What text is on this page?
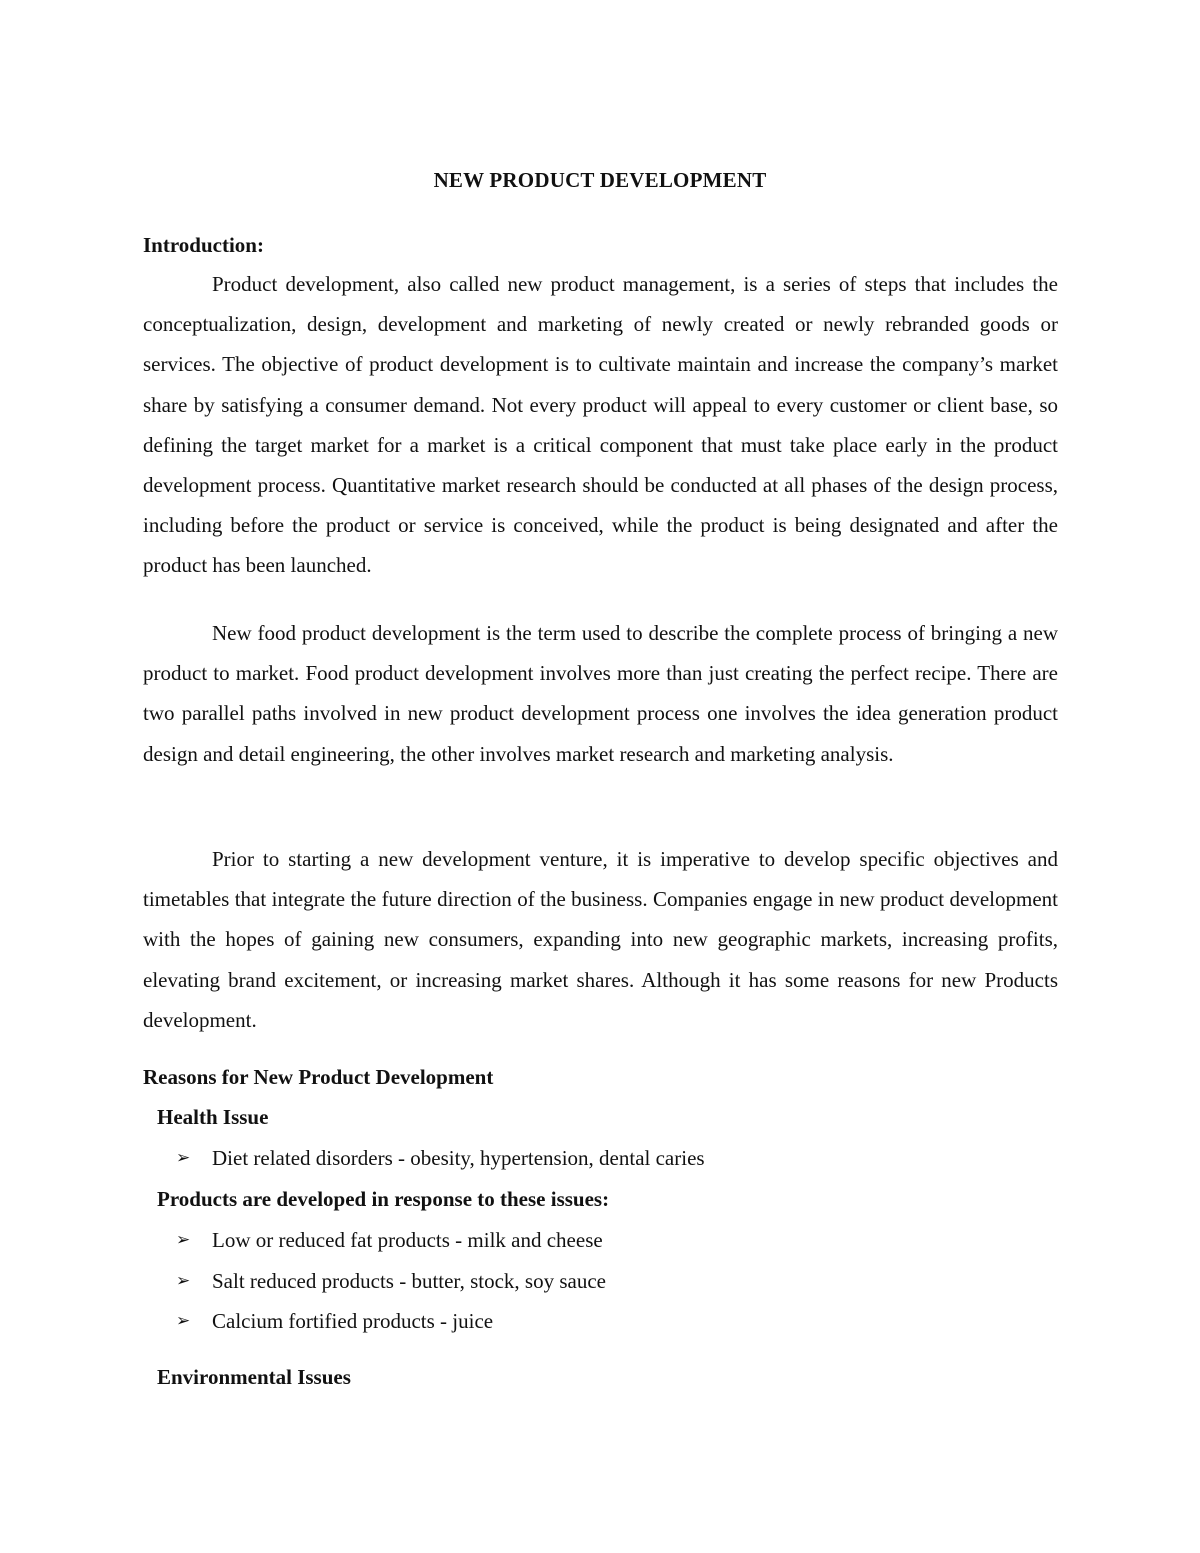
NEW PRODUCT DEVELOPMENT
Introduction:

Product development, also called new product management, is a series of steps that includes the conceptualization, design, development and marketing of newly created or newly rebranded goods or services. The objective of product development is to cultivate maintain and increase the company’s market share by satisfying a consumer demand. Not every product will appeal to every customer or client base, so defining the target market for a market is a critical component that must take place early in the product development process. Quantitative market research should be conducted at all phases of the design process, including before the product or service is conceived, while the product is being designated and after the product has been launched.

New food product development is the term used to describe the complete process of bringing a new product to market. Food product development involves more than just creating the perfect recipe. There are two parallel paths involved in new product development process one involves the idea generation product design and detail engineering, the other involves market research and marketing analysis.

Prior to starting a new development venture, it is imperative to develop specific objectives and timetables that integrate the future direction of the business. Companies engage in new product development with the hopes of gaining new consumers, expanding into new geographic markets, increasing profits, elevating brand excitement, or increasing market shares. Although it has some reasons for new Products development.

Reasons for New Product Development
Health Issue
➢	Diet related disorders - obesity, hypertension, dental caries
Products are developed in response to these issues:
➢	Low or reduced fat products - milk and cheese
➢	Salt reduced products - butter, stock, soy sauce
➢	Calcium fortified products - juice
Environmental Issues
